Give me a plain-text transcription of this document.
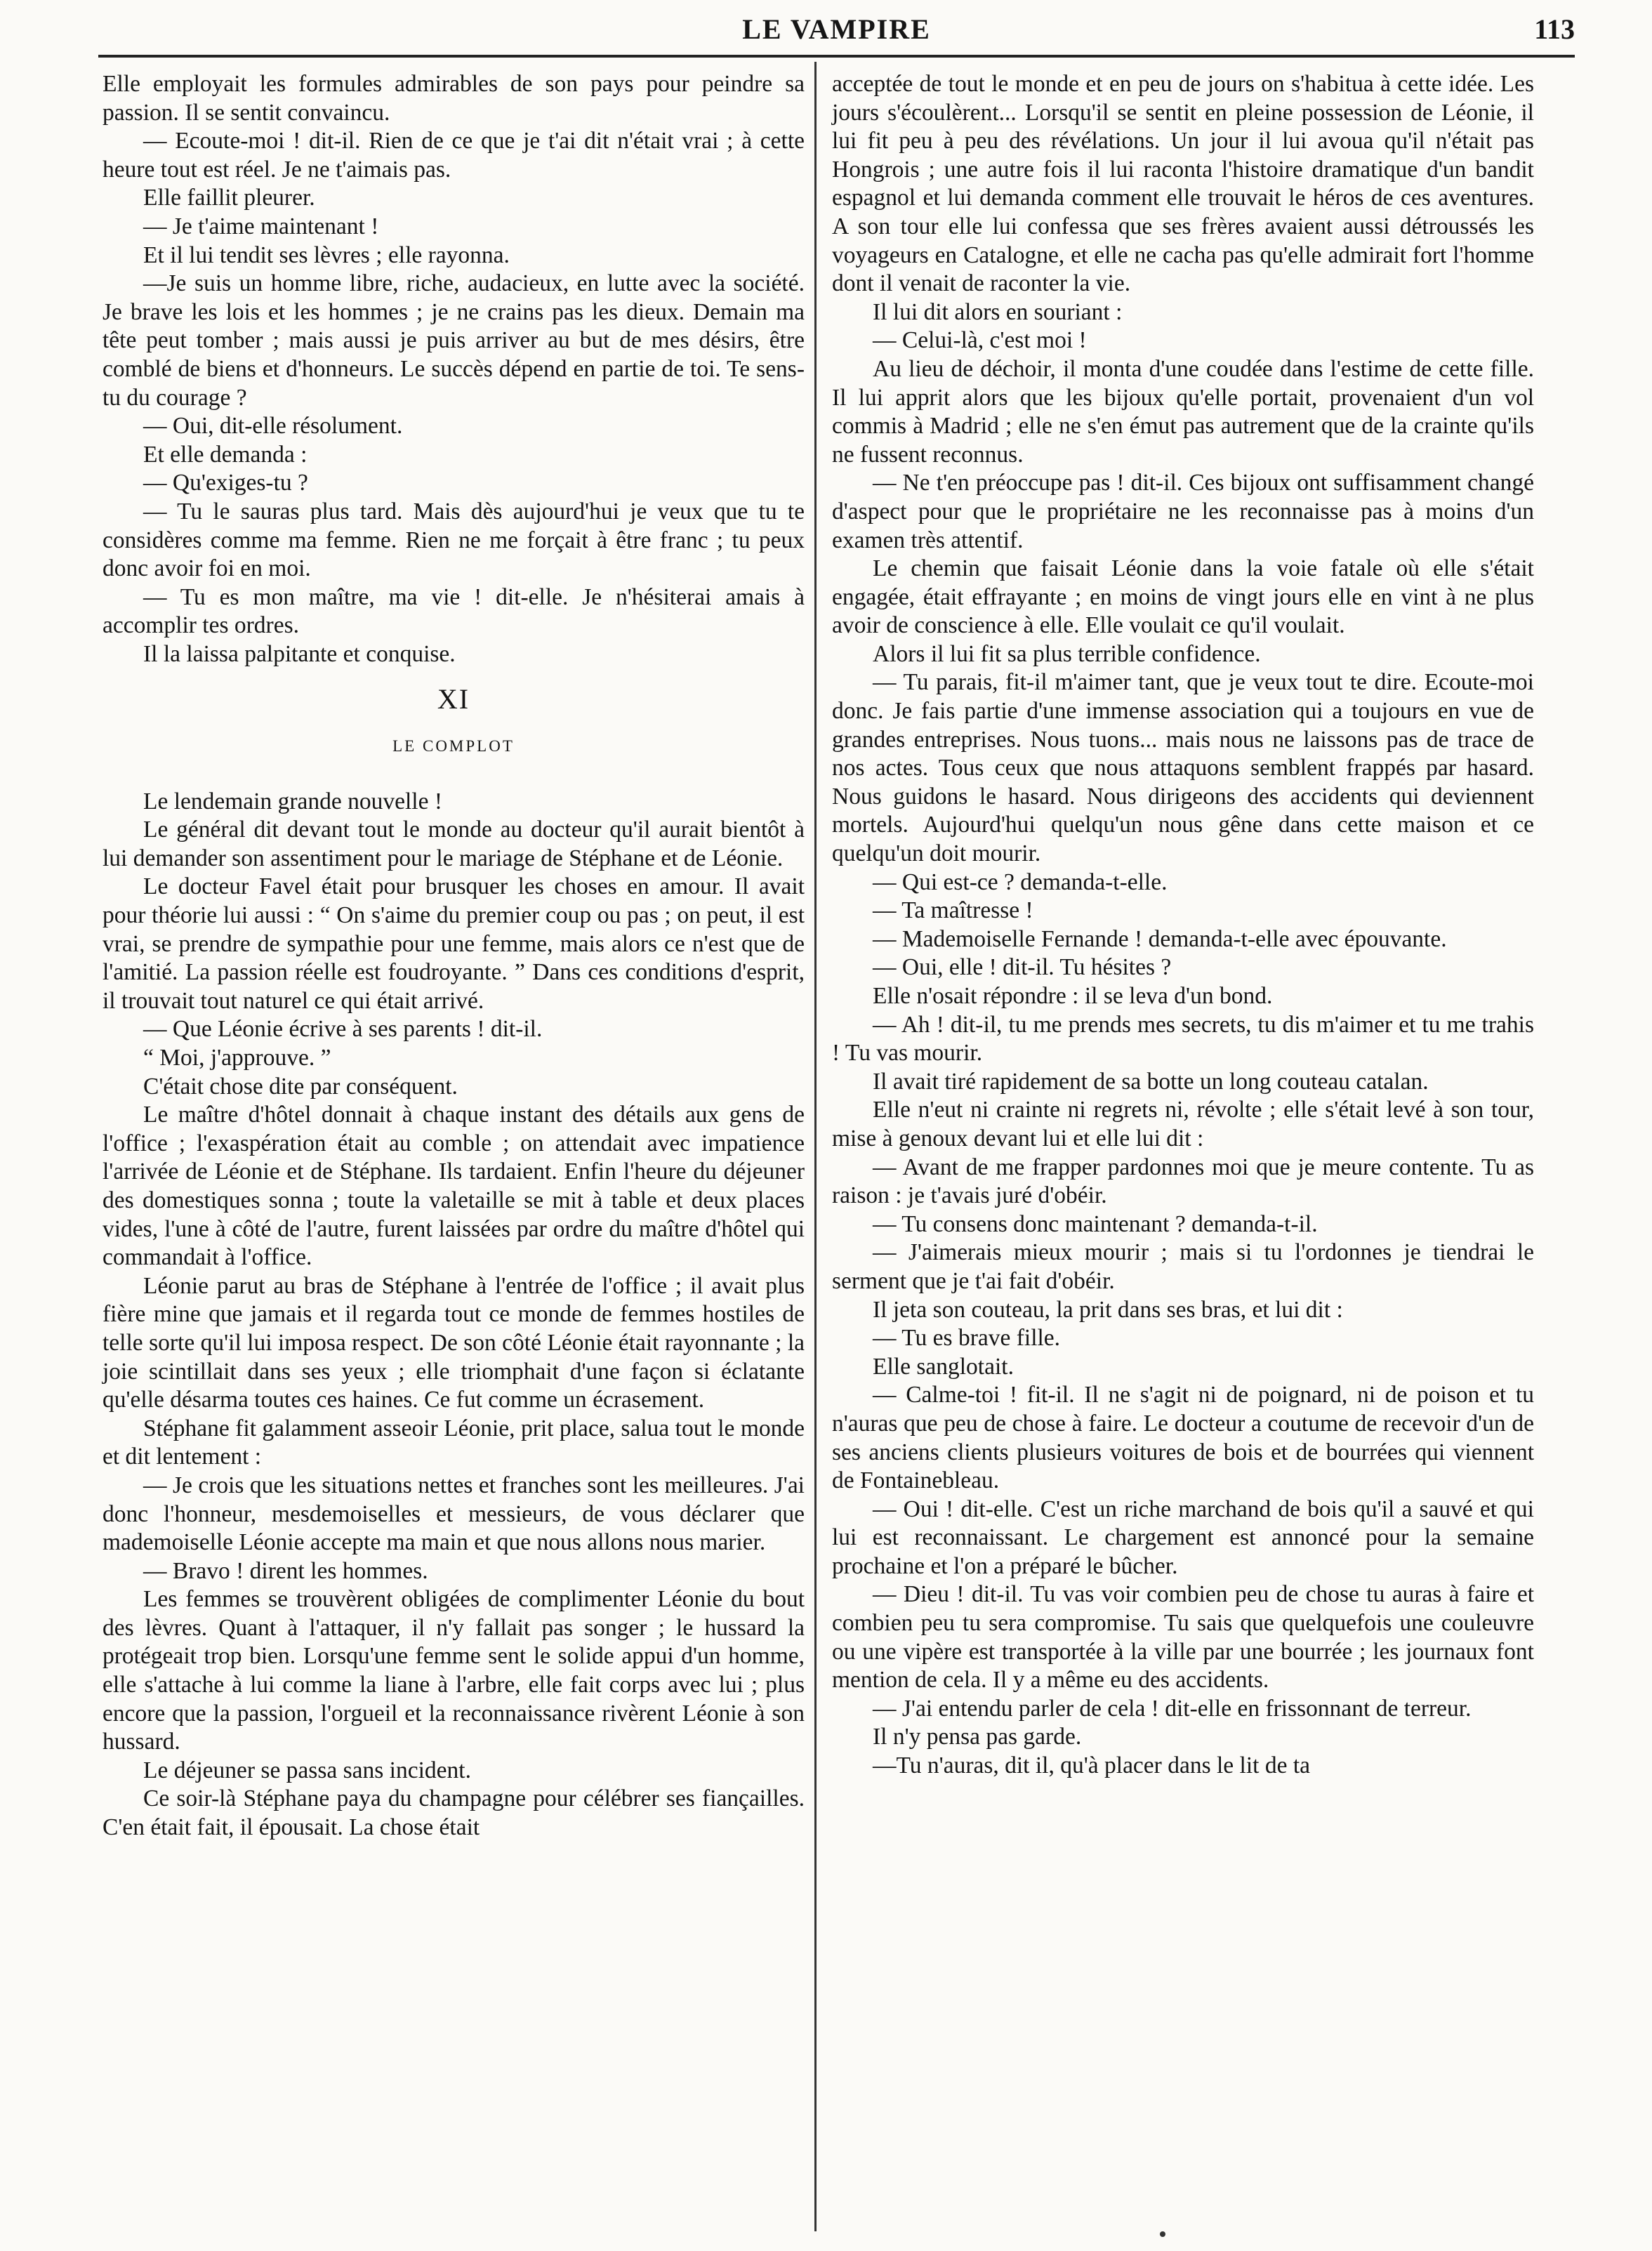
LE VAMPIRE	113

Elle employait les formules admirables de son pays pour peindre sa passion. Il se sentit convaincu.

— Ecoute-moi ! dit-il. Rien de ce que je t'ai dit n'était vrai ; à cette heure tout est réel. Je ne t'aimais pas.

Elle faillit pleurer.

— Je t'aime maintenant !

Et il lui tendit ses lèvres ; elle rayonna.

—Je suis un homme libre, riche, audacieux, en lutte avec la société. Je brave les lois et les hommes ; je ne crains pas les dieux. Demain ma tête peut tomber ; mais aussi je puis arriver au but de mes désirs, être comblé de biens et d'honneurs. Le succès dépend en partie de toi. Te sens-tu du courage ?

— Oui, dit-elle résolument.

Et elle demanda :

— Qu'exiges-tu ?

— Tu le sauras plus tard. Mais dès aujourd'hui je veux que tu te considères comme ma femme. Rien ne me forçait à être franc ; tu peux donc avoir foi en moi.

— Tu es mon maître, ma vie ! dit-elle. Je n'hésiterai amais à accomplir tes ordres.

Il la laissa palpitante et conquise.

XI
LE COMPLOT

Le lendemain grande nouvelle !

Le général dit devant tout le monde au docteur qu'il aurait bientôt à lui demander son assentiment pour le mariage de Stéphane et de Léonie.

Le docteur Favel était pour brusquer les choses en amour. Il avait pour théorie lui aussi : “ On s'aime du premier coup ou pas ; on peut, il est vrai, se prendre de sympathie pour une femme, mais alors ce n'est que de l'amitié. La passion réelle est foudroyante. ” Dans ces conditions d'esprit, il trouvait tout naturel ce qui était arrivé.

— Que Léonie écrive à ses parents ! dit-il.

“ Moi, j'approuve. ”

C'était chose dite par conséquent.

Le maître d'hôtel donnait à chaque instant des détails aux gens de l'office ; l'exaspération était au comble ; on attendait avec impatience l'arrivée de Léonie et de Stéphane. Ils tardaient. Enfin l'heure du déjeuner des domestiques sonna ; toute la valetaille se mit à table et deux places vides, l'une à côté de l'autre, furent laissées par ordre du maître d'hôtel qui commandait à l'office.

Léonie parut au bras de Stéphane à l'entrée de l'office ; il avait plus fière mine que jamais et il regarda tout ce monde de femmes hostiles de telle sorte qu'il lui imposa respect. De son côté Léonie était rayonnante ; la joie scintillait dans ses yeux ; elle triomphait d'une façon si éclatante qu'elle désarma toutes ces haines. Ce fut comme un écrasement.

Stéphane fit galamment asseoir Léonie, prit place, salua tout le monde et dit lentement :

— Je crois que les situations nettes et franches sont les meilleures. J'ai donc l'honneur, mesdemoiselles et messieurs, de vous déclarer que mademoiselle Léonie accepte ma main et que nous allons nous marier.

— Bravo ! dirent les hommes.

Les femmes se trouvèrent obligées de complimenter Léonie du bout des lèvres. Quant à l'attaquer, il n'y fallait pas songer ; le hussard la protégeait trop bien. Lorsqu'une femme sent le solide appui d'un homme, elle s'attache à lui comme la liane à l'arbre, elle fait corps avec lui ; plus encore que la passion, l'orgueil et la reconnaissance rivèrent Léonie à son hussard.

Le déjeuner se passa sans incident.

Ce soir-là Stéphane paya du champagne pour célébrer ses fiançailles. C'en était fait, il épousait. La chose était

acceptée de tout le monde et en peu de jours on s'habitua à cette idée. Les jours s'écoulèrent... Lorsqu'il se sentit en pleine possession de Léonie, il lui fit peu à peu des révélations. Un jour il lui avoua qu'il n'était pas Hongrois ; une autre fois il lui raconta l'histoire dramatique d'un bandit espagnol et lui demanda comment elle trouvait le héros de ces aventures. A son tour elle lui confessa que ses frères avaient aussi détroussés les voyageurs en Catalogne, et elle ne cacha pas qu'elle admirait fort l'homme dont il venait de raconter la vie.

Il lui dit alors en souriant :

— Celui-là, c'est moi !

Au lieu de déchoir, il monta d'une coudée dans l'estime de cette fille. Il lui apprit alors que les bijoux qu'elle portait, provenaient d'un vol commis à Madrid ; elle ne s'en émut pas autrement que de la crainte qu'ils ne fussent reconnus.

— Ne t'en préoccupe pas ! dit-il. Ces bijoux ont suffisamment changé d'aspect pour que le propriétaire ne les reconnaisse pas à moins d'un examen très attentif.

Le chemin que faisait Léonie dans la voie fatale où elle s'était engagée, était effrayante ; en moins de vingt jours elle en vint à ne plus avoir de conscience à elle. Elle voulait ce qu'il voulait.

Alors il lui fit sa plus terrible confidence.

— Tu parais, fit-il m'aimer tant, que je veux tout te dire. Ecoute-moi donc. Je fais partie d'une immense association qui a toujours en vue de grandes entreprises. Nous tuons... mais nous ne laissons pas de trace de nos actes. Tous ceux que nous attaquons semblent frappés par hasard. Nous guidons le hasard. Nous dirigeons des accidents qui deviennent mortels. Aujourd'hui quelqu'un nous gêne dans cette maison et ce quelqu'un doit mourir.

— Qui est-ce ? demanda-t-elle.

— Ta maîtresse !

— Mademoiselle Fernande ! demanda-t-elle avec épouvante.

— Oui, elle ! dit-il. Tu hésites ?

Elle n'osait répondre : il se leva d'un bond.

— Ah ! dit-il, tu me prends mes secrets, tu dis m'aimer et tu me trahis ! Tu vas mourir.

Il avait tiré rapidement de sa botte un long couteau catalan.

Elle n'eut ni crainte ni regrets ni, révolte ; elle s'était levé à son tour, mise à genoux devant lui et elle lui dit :

— Avant de me frapper pardonnes moi que je meure contente. Tu as raison : je t'avais juré d'obéir.

— Tu consens donc maintenant ? demanda-t-il.

— J'aimerais mieux mourir ; mais si tu l'ordonnes je tiendrai le serment que je t'ai fait d'obéir.

Il jeta son couteau, la prit dans ses bras, et lui dit :

— Tu es brave fille.

Elle sanglotait.

— Calme-toi ! fit-il. Il ne s'agit ni de poignard, ni de poison et tu n'auras que peu de chose à faire. Le docteur a coutume de recevoir d'un de ses anciens clients plusieurs voitures de bois et de bourrées qui viennent de Fontainebleau.

— Oui ! dit-elle. C'est un riche marchand de bois qu'il a sauvé et qui lui est reconnaissant. Le chargement est annoncé pour la semaine prochaine et l'on a préparé le bûcher.

— Dieu ! dit-il. Tu vas voir combien peu de chose tu auras à faire et combien peu tu sera compromise. Tu sais que quelquefois une couleuvre ou une vipère est transportée à la ville par une bourrée ; les journaux font mention de cela. Il y a même eu des accidents.

— J'ai entendu parler de cela ! dit-elle en frissonnant de terreur.

Il n'y pensa pas garde.

—Tu n'auras, dit il, qu'à placer dans le lit de ta
